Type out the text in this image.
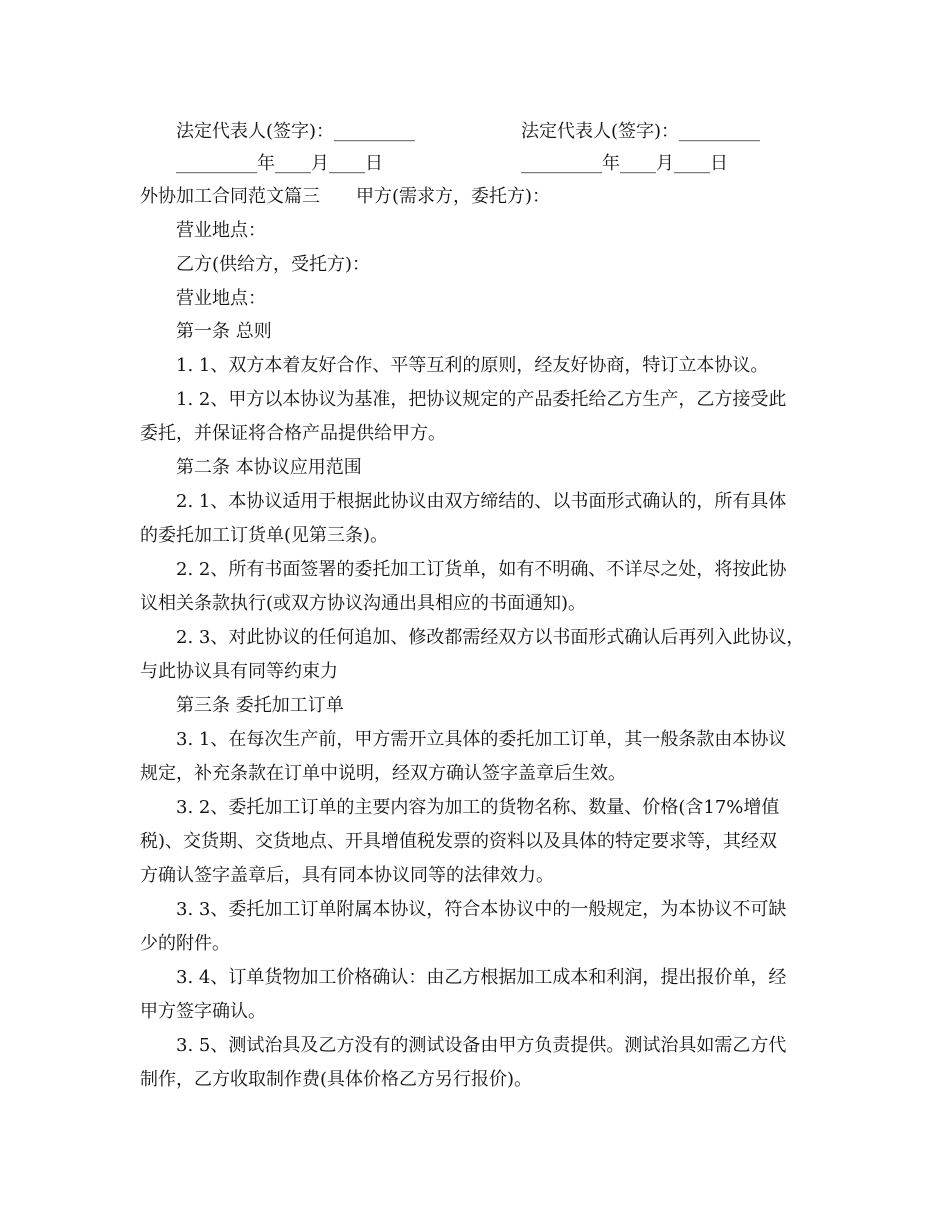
法定代表人(签字)：_________	法定代表人(签字)：_________
_________年____月____日	_________年____月____日
外协加工合同范文篇三　　 甲方(需求方，委托方)：
营业地点：
乙方(供给方，受托方)：
营业地点：
第一条 总则
1. 1、双方本着友好合作、平等互利的原则，经友好协商，特订立本协议。
1. 2、甲方以本协议为基准，把协议规定的产品委托给乙方生产，乙方接受此
委托，并保证将合格产品提供给甲方。
第二条 本协议应用范围
2. 1、本协议适用于根据此协议由双方缔结的、以书面形式确认的，所有具体
的委托加工订货单(见第三条)。
2. 2、所有书面签署的委托加工订货单，如有不明确、不详尽之处，将按此协
议相关条款执行(或双方协议沟通出具相应的书面通知)。
2. 3、对此协议的任何追加、修改都需经双方以书面形式确认后再列入此协议，
与此协议具有同等约束力
第三条 委托加工订单
3. 1、在每次生产前，甲方需开立具体的委托加工订单，其一般条款由本协议
规定，补充条款在订单中说明，经双方确认签字盖章后生效。
3. 2、委托加工订单的主要内容为加工的货物名称、数量、价格(含17%增值
税)、交货期、交货地点、开具增值税发票的资料以及具体的特定要求等，其经双
方确认签字盖章后，具有同本协议同等的法律效力。
3. 3、委托加工订单附属本协议，符合本协议中的一般规定，为本协议不可缺
少的附件。
3. 4、订单货物加工价格确认：由乙方根据加工成本和利润，提出报价单，经
甲方签字确认。
3. 5、测试治具及乙方没有的测试设备由甲方负责提供。测试治具如需乙方代
制作，乙方收取制作费(具体价格乙方另行报价)。
